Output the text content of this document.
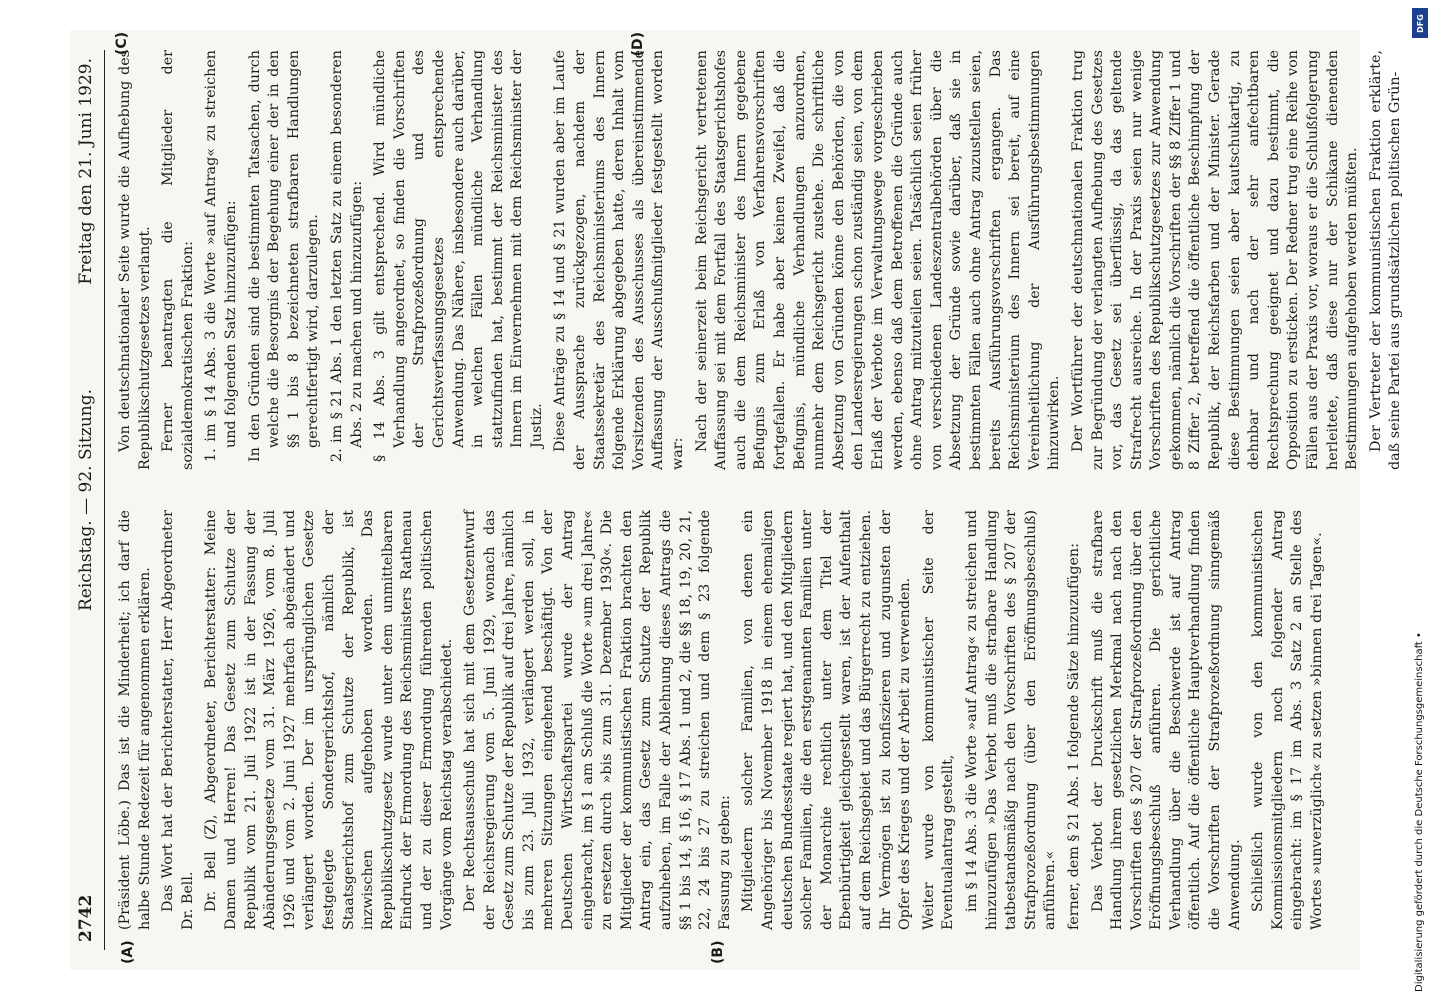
2742
Reichstag. — 92. Sitzung.
Freitag den 21. Juni 1929.
(A)	(B)
(C)	(D)

(Präsident Löbe.) Das ist die Minderheit; ich darf die halbe Stunde Redezeit für angenommen erklären. Das Wort hat der Berichterstatter, Herr Abgeordneter Dr. Bell. Dr. Bell (Z), Abgeordneter, Berichterstatter: Meine Damen und Herren! Das Gesetz zum Schutze der Republik vom 21. Juli 1922 ist in der Fassung der Abänderungsgesetze vom 31. März 1926, vom 8. Juli 1926 und vom 2. Juni 1927 mehrfach abgeändert und verlängert worden. Der im ursprünglichen Gesetze festgelegte Sondergerichtshof, nämlich der Staatsgerichtshof zum Schutze der Republik, ist inzwischen aufgehoben worden. Das Republikschutzgesetz wurde unter dem unmittelbaren Eindruck der Ermordung des Reichsministers Rathenau und der zu dieser Ermordung führenden politischen Vorgänge vom Reichstag verabschiedet. Der Rechtsausschuß hat sich mit dem Gesetzentwurf der Reichsregierung vom 5. Juni 1929, wonach das Gesetz zum Schutze der Republik auf drei Jahre, nämlich bis zum 23. Juli 1932, verlängert werden soll, in mehreren Sitzungen eingehend beschäftigt. Von der Deutschen Wirtschaftspartei wurde der Antrag eingebracht, im § 1 am Schluß die Worte »um drei Jahre« zu ersetzen durch »bis zum 31. Dezember 1930«. Die Mitglieder der kommunistischen Fraktion brachten den Antrag ein, das Gesetz zum Schutze der Republik aufzuheben, im Falle der Ablehnung dieses Antrags die §§ 1 bis 14, § 16, § 17 Abs. 1 und 2, die §§ 18, 19, 20, 21, 22, 24 bis 27 zu streichen und dem § 23 folgende Fassung zu geben: Mitgliedern solcher Familien, von denen ein Angehöriger bis November 1918 in einem ehemaligen deutschen Bundesstaate regiert hat, und den Mitgliedern solcher Familien, die den erstgenannten Familien unter der Monarchie rechtlich unter dem Titel der Ebenbürtigkeit gleichgestellt waren, ist der Aufenthalt auf dem Reichsgebiet und das Bürgerrecht zu entziehen. Ihr Vermögen ist zu konfiszieren und zugunsten der Opfer des Krieges und der Arbeit zu verwenden. Weiter wurde von kommunistischer Seite der Eventualantrag gestellt, im § 14 Abs. 3 die Worte »auf Antrag« zu streichen und hinzuzufügen »Das Verbot muß die strafbare Handlung tatbestandsmäßig nach den Vorschriften des § 207 der Strafprozeßordnung (über den Eröffnungsbeschluß) anführen.« ferner, dem § 21 Abs. 1 folgende Sätze hinzuzufügen: Das Verbot der Druckschrift muß die strafbare Handlung ihrem gesetzlichen Merkmal nach nach den Vorschriften des § 207 der Strafprozeßordnung über den Eröffnungsbeschluß anführen. Die gerichtliche Verhandlung über die Beschwerde ist auf Antrag öffentlich. Auf die öffentliche Hauptverhandlung finden die Vorschriften der Strafprozeßordnung sinngemäß Anwendung. Schließlich wurde von den kommunistischen Kommissionsmitgliedern noch folgender Antrag eingebracht: im § 17 im Abs. 3 Satz 2 an Stelle des Wortes »unverzüglich« zu setzen »binnen drei Tagen«.

Von deutschnationaler Seite wurde die Aufhebung des Republikschutzgesetzes verlangt. Ferner beantragten die Mitglieder der sozialdemokratischen Fraktion: 1. im § 14 Abs. 3 die Worte »auf Antrag« zu streichen und folgenden Satz hinzuzufügen: In den Gründen sind die bestimmten Tatsachen, durch welche die Besorgnis der Begehung einer der in den §§ 1 bis 8 bezeichneten strafbaren Handlungen gerechtfertigt wird, darzulegen. 2. im § 21 Abs. 1 den letzten Satz zu einem besonderen Abs. 2 zu machen und hinzuzufügen: § 14 Abs. 3 gilt entsprechend. Wird mündliche Verhandlung angeordnet, so finden die Vorschriften der Strafprozeßordnung und des Gerichtsverfassungsgesetzes entsprechende Anwendung. Das Nähere, insbesondere auch darüber, in welchen Fällen mündliche Verhandlung stattzufinden hat, bestimmt der Reichsminister des Innern im Einvernehmen mit dem Reichsminister der Justiz. Diese Anträge zu § 14 und § 21 wurden aber im Laufe der Aussprache zurückgezogen, nachdem der Staatssekretär des Reichsministeriums des Innern folgende Erklärung abgegeben hatte, deren Inhalt vom Vorsitzenden des Ausschusses als übereinstimmende Auffassung der Ausschußmitglieder festgestellt worden war:

Nach der seinerzeit beim Reichsgericht vertretenen Auffassung sei mit dem Fortfall des Staatsgerichtshofes auch die dem Reichsminister des Innern gegebene Befugnis zum Erlaß von Verfahrensvorschriften fortgefallen. Er habe aber keinen Zweifel, daß die Befugnis, mündliche Verhandlungen anzuordnen, nunmehr dem Reichsgericht zustehe. Die schriftliche Absetzung von Gründen könne den Behörden, die von den Landesregierungen schon zuständig seien, von dem Erlaß der Verbote im Verwaltungswege vorgeschrieben werden, ebenso daß dem Betroffenen die Gründe auch ohne Antrag mitzuteilen seien. Tatsächlich seien früher von verschiedenen Landeszentralbehörden über die Absetzung der Gründe sowie darüber, daß sie in bestimmten Fällen auch ohne Antrag zuzustellen seien, bereits Ausführungsvorschriften ergangen. Das Reichsministerium des Innern sei bereit, auf eine Vereinheitlichung der Ausführungsbestimmungen hinzuwirken. Der Wortführer der deutschnationalen Fraktion trug zur Begründung der verlangten Aufhebung des Gesetzes vor, das Gesetz sei überflüssig, da das geltende Strafrecht ausreiche. In der Praxis seien nur wenige Vorschriften des Republikschutzgesetzes zur Anwendung gekommen, nämlich die Vorschriften der §§ 8 Ziffer 1 und 8 Ziffer 2, betreffend die öffentliche Beschimpfung der Republik, der Reichsfarben und der Minister. Gerade diese Bestimmungen seien aber kautschukartig, zu dehnbar und nach der sehr anfechtbaren Rechtsprechung geeignet und dazu bestimmt, die Opposition zu ersticken. Der Redner trug eine Reihe von Fällen aus der Praxis vor, woraus er die Schlußfolgerung herleitete, daß diese nur der Schikane dienenden Bestimmungen aufgehoben werden müßten. Der Vertreter der kommunistischen Fraktion erklärte, daß seine Partei aus grundsätzlichen politischen Grün-

Digitalisierung gefördert durch die Deutsche Forschungsgemeinschaft •
DFG
